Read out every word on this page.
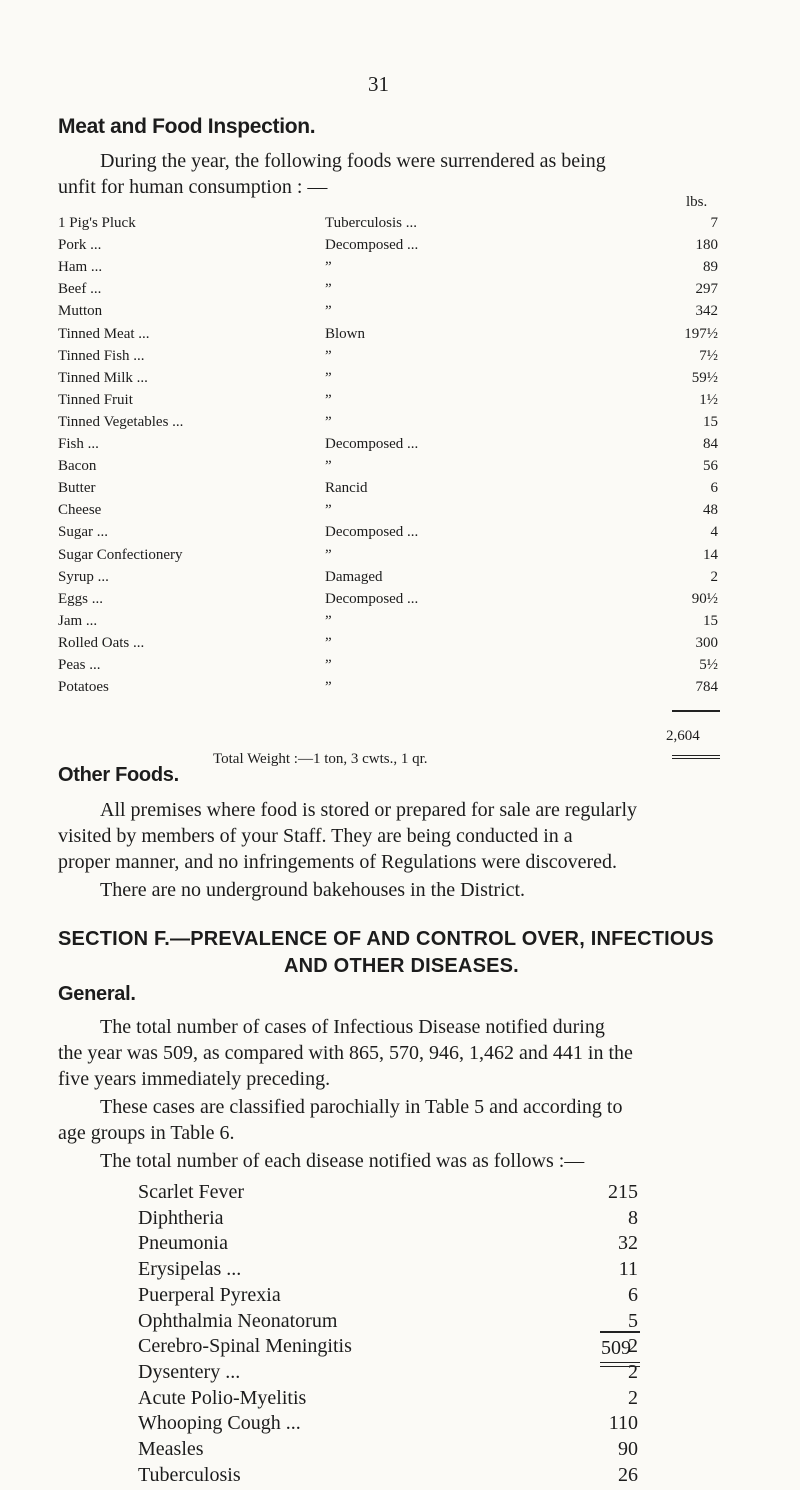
31
Meat and Food Inspection.
During the year, the following foods were surrendered as being
unfit for human consumption : —
lbs.
1 Pig's Pluck	Tuberculosis ...	7
Pork ...	Decomposed ...	180
Ham ...	”	89
Beef ...	”	297
Mutton	”	342
Tinned Meat ...	Blown	197½
Tinned Fish ...	”	7½
Tinned Milk ...	”	59½
Tinned Fruit	”	1½
Tinned Vegetables ...	”	15
Fish ...	Decomposed ...	84
Bacon	”	56
Butter	Rancid	6
Cheese	”	48
Sugar ...	Decomposed ...	4
Sugar Confectionery	”	14
Syrup ...	Damaged	2
Eggs ...	Decomposed ...	90½
Jam ...	”	15
Rolled Oats ...	”	300
Peas ...	”	5½
Potatoes	”	784
2,604
Total Weight :—1 ton, 3 cwts., 1 qr.
Other Foods.
All premises where food is stored or prepared for sale are regularly
visited by members of your Staff. They are being conducted in a
proper manner, and no infringements of Regulations were discovered.
There are no underground bakehouses in the District.
SECTION F.—PREVALENCE OF AND CONTROL OVER, INFECTIOUS
AND OTHER DISEASES.
General.
The total number of cases of Infectious Disease notified during
the year was 509, as compared with 865, 570, 946, 1,462 and 441 in the
five years immediately preceding.
These cases are classified parochially in Table 5 and according to
age groups in Table 6.
The total number of each disease notified was as follows :—
Scarlet Fever	215
Diphtheria	8
Pneumonia	32
Erysipelas ...	11
Puerperal Pyrexia	6
Ophthalmia Neonatorum	5
Cerebro-Spinal Meningitis	2
Dysentery ...	2
Acute Polio-Myelitis	2
Whooping Cough ...	110
Measles	90
Tuberculosis	26
509
